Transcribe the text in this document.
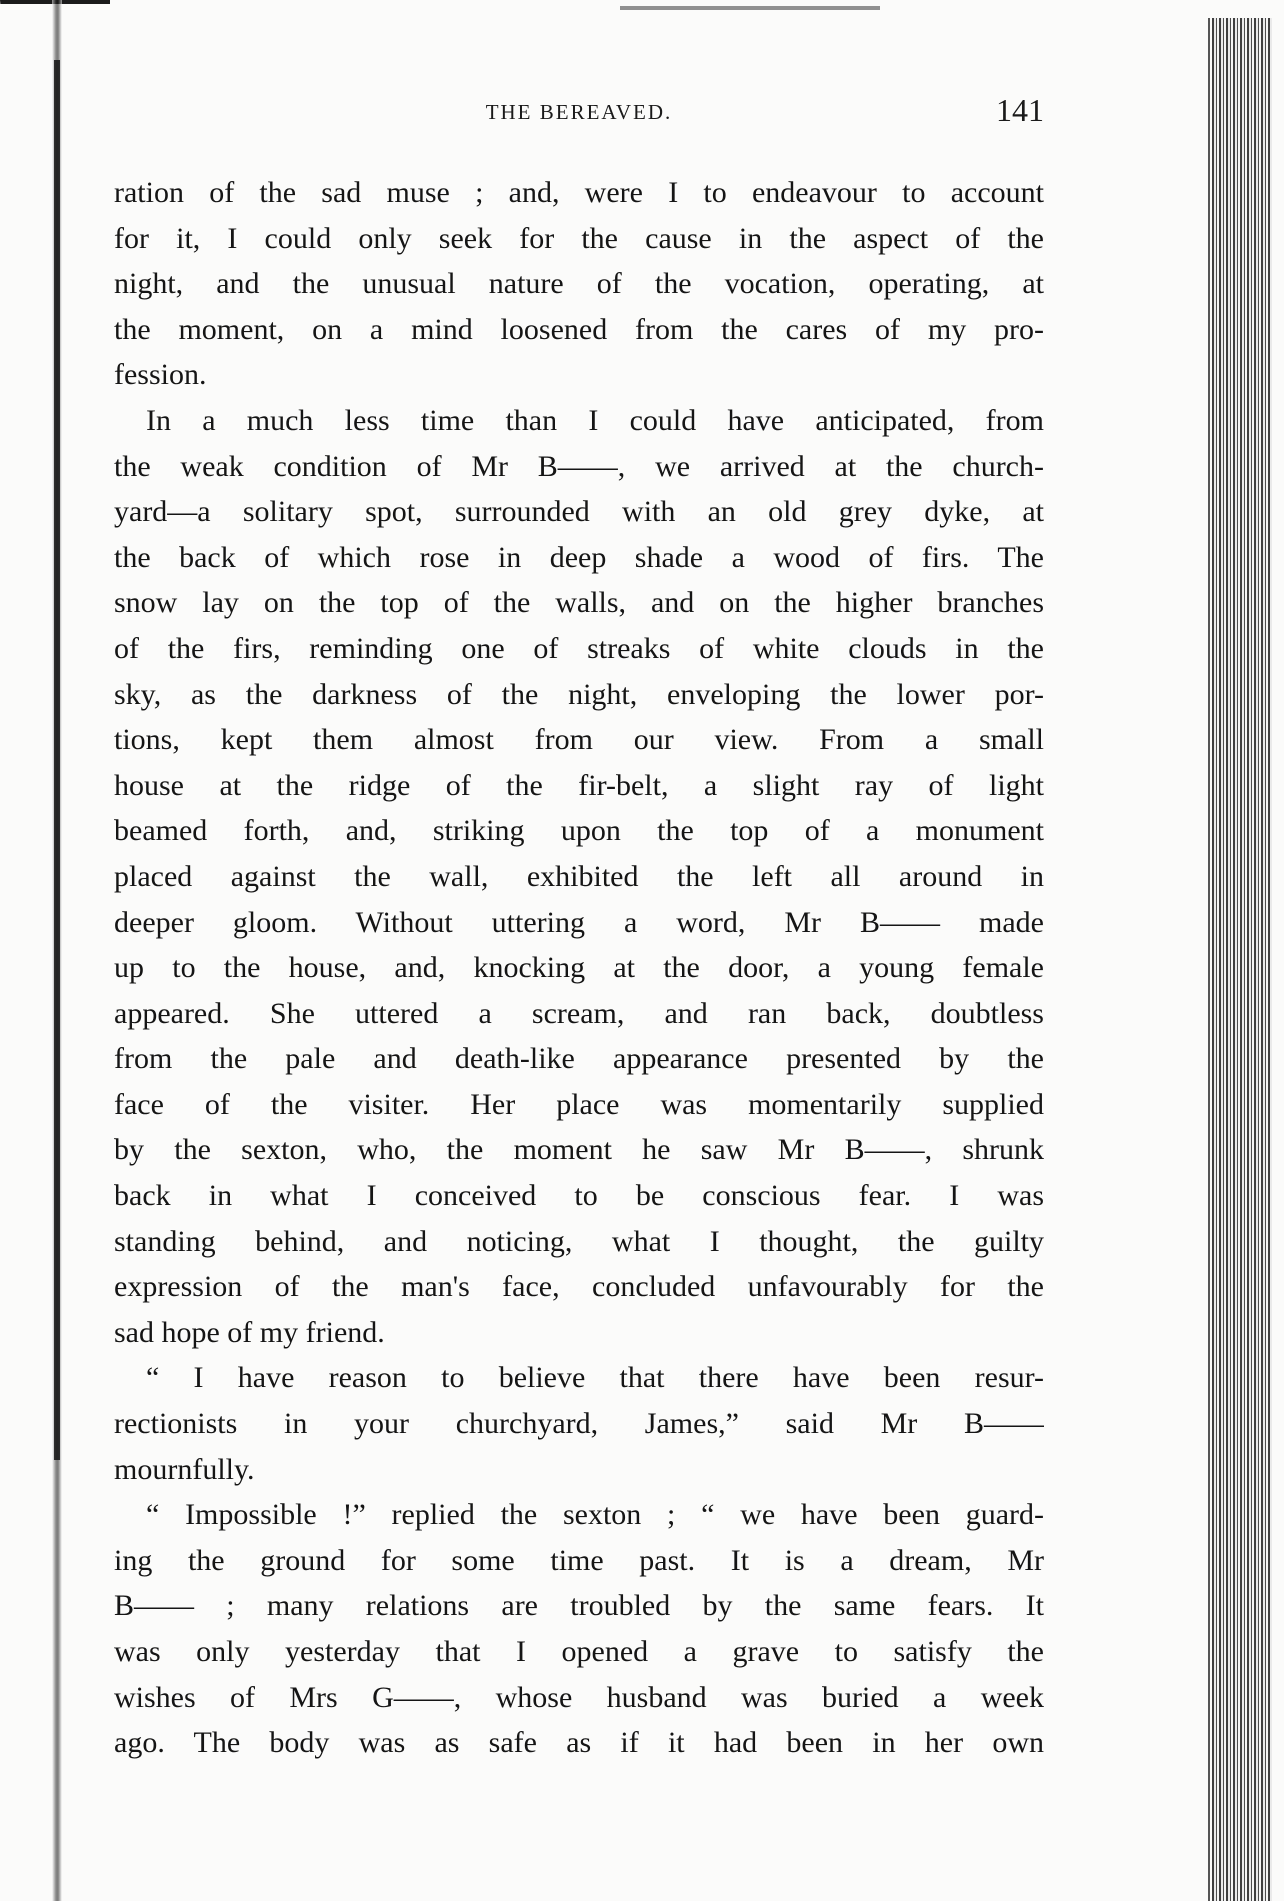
THE BEREAVED.	141
ration of the sad muse ; and, were I to endeavour to account
for it, I could only seek for the cause in the aspect of the
night, and the unusual nature of the vocation, operating, at
the moment, on a mind loosened from the cares of my pro-
fession.
In a much less time than I could have anticipated, from
the weak condition of Mr B——, we arrived at the church-
yard—a solitary spot, surrounded with an old grey dyke, at
the back of which rose in deep shade a wood of firs. The
snow lay on the top of the walls, and on the higher branches
of the firs, reminding one of streaks of white clouds in the
sky, as the darkness of the night, enveloping the lower por-
tions, kept them almost from our view. From a small
house at the ridge of the fir-belt, a slight ray of light
beamed forth, and, striking upon the top of a monument
placed against the wall, exhibited the left all around in
deeper gloom. Without uttering a word, Mr B—— made
up to the house, and, knocking at the door, a young female
appeared. She uttered a scream, and ran back, doubtless
from the pale and death-like appearance presented by the
face of the visiter. Her place was momentarily supplied
by the sexton, who, the moment he saw Mr B——, shrunk
back in what I conceived to be conscious fear. I was
standing behind, and noticing, what I thought, the guilty
expression of the man's face, concluded unfavourably for the
sad hope of my friend.
“ I have reason to believe that there have been resur-
rectionists in your churchyard, James,” said Mr B——
mournfully.
“ Impossible !” replied the sexton ; “ we have been guard-
ing the ground for some time past. It is a dream, Mr
B—— ; many relations are troubled by the same fears. It
was only yesterday that I opened a grave to satisfy the
wishes of Mrs G——, whose husband was buried a week
ago. The body was as safe as if it had been in her own
